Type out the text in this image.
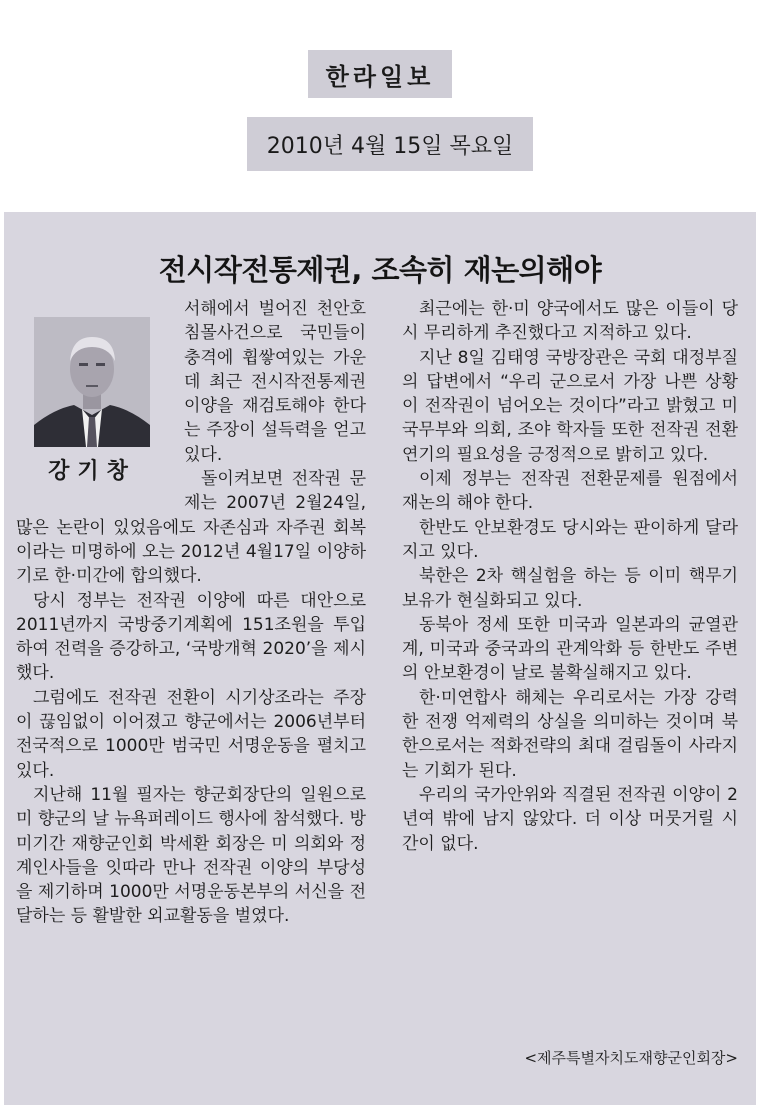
한라일보
2010년 4월 15일 목요일
전시작전통제권, 조속히 재논의해야
강기창

서해에서 벌어진 천안호 침몰사건으로 국민들이 충격에 휩쌓여있는 가운데 최근 전시작전통제권 이양을 재검토해야 한다는 주장이 설득력을 얻고 있다.

돌이켜보면 전작권 문제는 2007년 2월24일, 많은 논란이 있었음에도 자존심과 자주권 회복이라는 미명하에 오는 2012년 4월17일 이양하기로 한·미간에 합의했다.

당시 정부는 전작권 이양에 따른 대안으로 2011년까지 국방중기계획에 151조원을 투입하여 전력을 증강하고, ‘국방개혁 2020’을 제시했다.

그럼에도 전작권 전환이 시기상조라는 주장이 끊임없이 이어졌고 향군에서는 2006년부터 전국적으로 1000만 범국민 서명운동을 펼치고 있다.

지난해 11월 필자는 향군회장단의 일원으로 미 향군의 날 뉴욕퍼레이드 행사에 참석했다. 방미기간 재향군인회 박세환 회장은 미 의회와 정계인사들을 잇따라 만나 전작권 이양의 부당성을 제기하며 1000만 서명운동본부의 서신을 전달하는 등 활발한 외교활동을 벌였다.

최근에는 한·미 양국에서도 많은 이들이 당시 무리하게 추진했다고 지적하고 있다.

지난 8일 김태영 국방장관은 국회 대정부질의 답변에서 “우리 군으로서 가장 나쁜 상황이 전작권이 넘어오는 것이다”라고 밝혔고 미 국무부와 의회, 조야 학자들 또한 전작권 전환연기의 필요성을 긍정적으로 밝히고 있다.

이제 정부는 전작권 전환문제를 원점에서 재논의 해야 한다.

한반도 안보환경도 당시와는 판이하게 달라지고 있다.

북한은 2차 핵실험을 하는 등 이미 핵무기보유가 현실화되고 있다.

동북아 정세 또한 미국과 일본과의 균열관계, 미국과 중국과의 관계악화 등 한반도 주변의 안보환경이 날로 불확실해지고 있다.

한·미연합사 해체는 우리로서는 가장 강력한 전쟁 억제력의 상실을 의미하는 것이며 북한으로서는 적화전략의 최대 걸림돌이 사라지는 기회가 된다.

우리의 국가안위와 직결된 전작권 이양이 2년여 밖에 남지 않았다. 더 이상 머뭇거릴 시간이 없다.

<제주특별자치도재향군인회장>
